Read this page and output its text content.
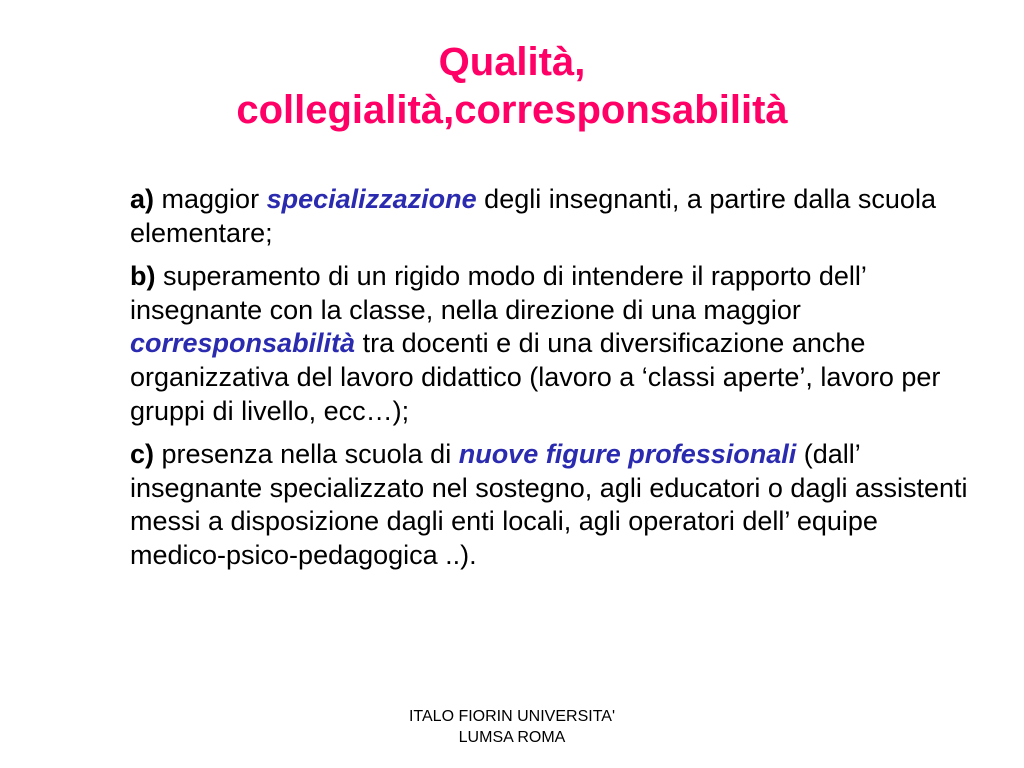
Qualità,
collegialità,corresponsabilità

a) maggior specializzazione degli insegnanti, a partire dalla scuola elementare;

b) superamento di un rigido modo di intendere il rapporto dell’ insegnante con la classe, nella direzione di una maggior corresponsabilità tra docenti e di una diversificazione anche organizzativa del lavoro didattico (lavoro a ‘classi aperte’, lavoro per gruppi di livello, ecc…);

c) presenza nella scuola di nuove figure professionali (dall’ insegnante specializzato nel sostegno, agli educatori o dagli assistenti messi a disposizione dagli enti locali, agli operatori dell’ equipe medico-psico-pedagogica ..).

ITALO FIORIN UNIVERSITA'
LUMSA ROMA
